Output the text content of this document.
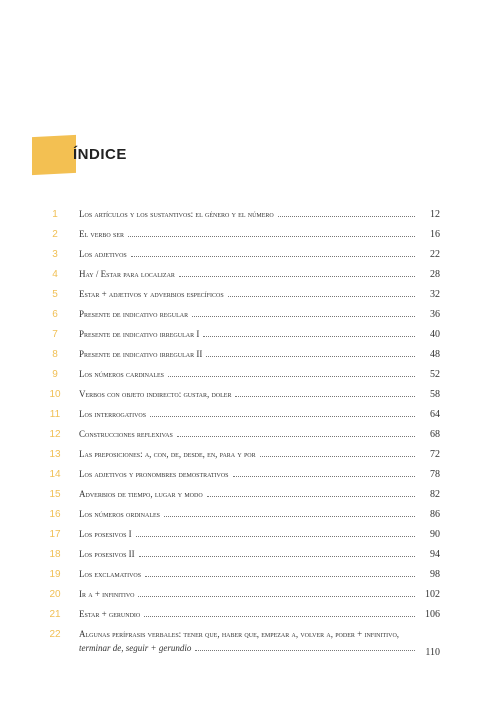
ÍNDICE
1	Los artículos y los sustantivos: el género y el número	12
2	El verbo ser	16
3	Los adjetivos	22
4	Hay / Estar para localizar	28
5	Estar + adjetivos y adverbios específicos	32
6	Presente de indicativo regular	36
7	Presente de indicativo irregular I	40
8	Presente de indicativo irregular II	48
9	Los números cardinales	52
10	Verbos con objeto indirecto: gustar, doler	58
11	Los interrogativos	64
12	Construcciones reflexivas	68
13	Las preposiciones: a, con, de, desde, en, para y por	72
14	Los adjetivos y pronombres demostrativos	78
15	Adverbios de tiempo, lugar y modo	82
16	Los números ordinales	86
17	Los posesivos I	90
18	Los posesivos II	94
19	Los exclamativos	98
20	Ir a + infinitivo	102
21	Estar + gerundio	106
22	Algunas perífrasis verbales: tener que, haber que, empezar a, volver a, poder + infinitivo,
terminar de, seguir + gerundio	110
